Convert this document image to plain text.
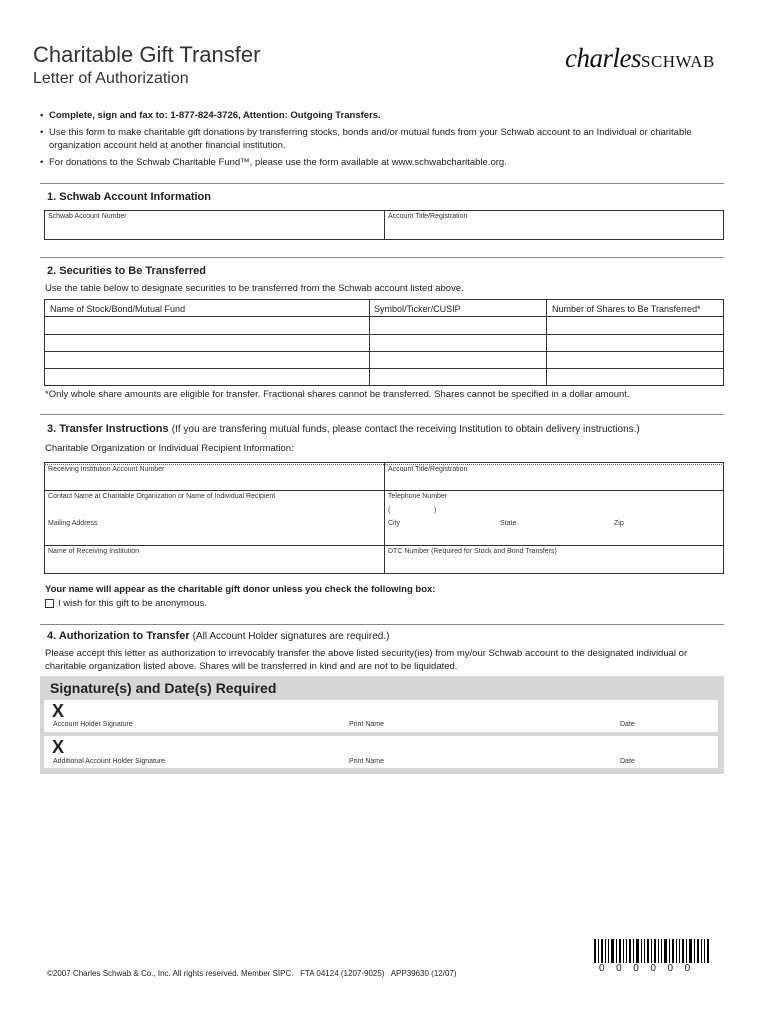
Charitable Gift Transfer
Letter of Authorization
charlesSCHWAB
• Complete, sign and fax to: 1-877-824-3726, Attention: Outgoing Transfers.
• Use this form to make charitable gift donations by transferring stocks, bonds and/or mutual funds from your Schwab account to an Individual or charitable organization account held at another financial institution.
• For donations to the Schwab Charitable Fund™, please use the form available at www.schwabcharitable.org.
1. Schwab Account Information
Schwab Account Number	Account Title/Registration
2. Securities to Be Transferred
Use the table below to designate securities to be transferred from the Schwab account listed above.
Name of Stock/Bond/Mutual Fund	Symbol/Ticker/CUSIP	Number of Shares to Be Transferred*
*Only whole share amounts are eligible for transfer. Fractional shares cannot be transferred. Shares cannot be specified in a dollar amount.
3. Transfer Instructions (If you are transfering mutual funds, please contact the receiving Institution to obtain delivery instructions.)
Charitable Organization or Individual Recipient Information:
Receiving Institution Account Number	Account Title/Registration
Contact Name at Charitable Organization or Name of Individual Recipient	Telephone Number
(	)
Mailing Address	City	State	Zip
Name of Receiving Institution	DTC Number (Required for Stock and Bond Transfers)
Your name will appear as the charitable gift donor unless you check the following box:
I wish for this gift to be anonymous.
4. Authorization to Transfer (All Account Holder signatures are required.)
Please accept this letter as authorization to irrevocably transfer the above listed security(ies) from my/our Schwab account to the designated individual or charitable organization listed above. Shares will be transferred in kind and are not to be liquidated.
Signature(s) and Date(s) Required
X
Account Holder Signature	Print Name	Date
X
Additional Account Holder Signature	Print Name	Date
0  0  0  0  0  0
©2007 Charles Schwab & Co., Inc. All rights reserved. Member SIPC.   FTA 04124 (1207-9025)   APP39630 (12/07)
